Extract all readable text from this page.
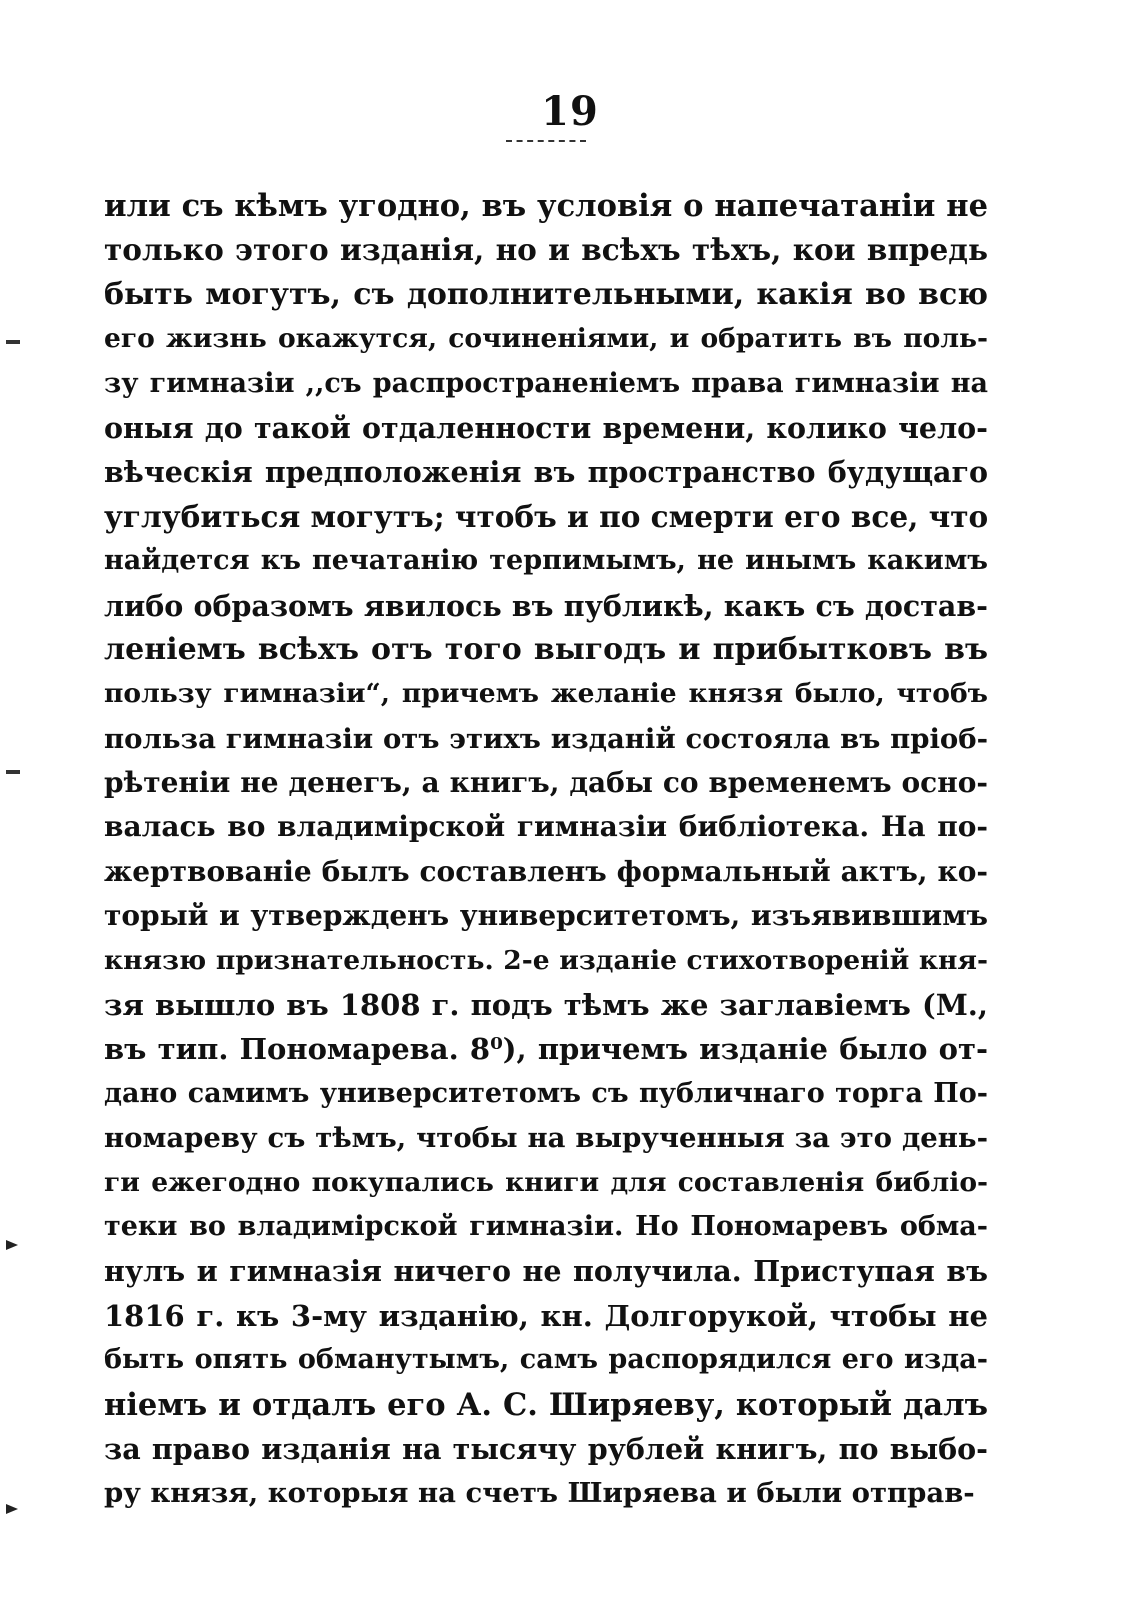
19
или съ кѣмъ угодно, въ условія о напечатаніи не
только этого изданія, но и всѣхъ тѣхъ, кои впредь
быть могутъ, съ дополнительными, какія во всю
его жизнь окажутся, сочиненіями, и обратить въ поль-
зу гимназіи ,,съ распространеніемъ права гимназіи на
оныя до такой отдаленности времени, колико чело-
вѣческія предположенія въ пространство будущаго
углубиться могутъ; чтобъ и по смерти его все, что
найдется къ печатанію терпимымъ, не инымъ какимъ
либо образомъ явилось въ публикѣ, какъ съ достав-
леніемъ всѣхъ отъ того выгодъ и прибытковъ въ
пользу гимназіи“, причемъ желаніе князя было, чтобъ
польза гимназіи отъ этихъ изданій состояла въ пріоб-
рѣтеніи не денегъ, а книгъ, дабы со временемъ осно-
валась во владимірской гимназіи библіотека. На по-
жертвованіе былъ составленъ формальный актъ, ко-
торый и утвержденъ университетомъ, изъявившимъ
князю признательность. 2-е изданіе стихотвореній кня-
зя вышло въ 1808 г. подъ тѣмъ же заглавіемъ (М.,
въ тип. Пономарева. 8⁰), причемъ изданіе было от-
дано самимъ университетомъ съ публичнаго торга По-
номареву съ тѣмъ, чтобы на вырученныя за это день-
ги ежегодно покупались книги для составленія библіо-
теки во владимірской гимназіи. Но Пономаревъ обма-
нулъ и гимназія ничего не получила. Приступая въ
1816 г. къ 3-му изданію, кн. Долгорукой, чтобы не
быть опять обманутымъ, самъ распорядился его изда-
ніемъ и отдалъ его А. С. Ширяеву, который далъ
за право изданія на тысячу рублей книгъ, по выбо-
ру князя, которыя на счетъ Ширяева и были отправ-
